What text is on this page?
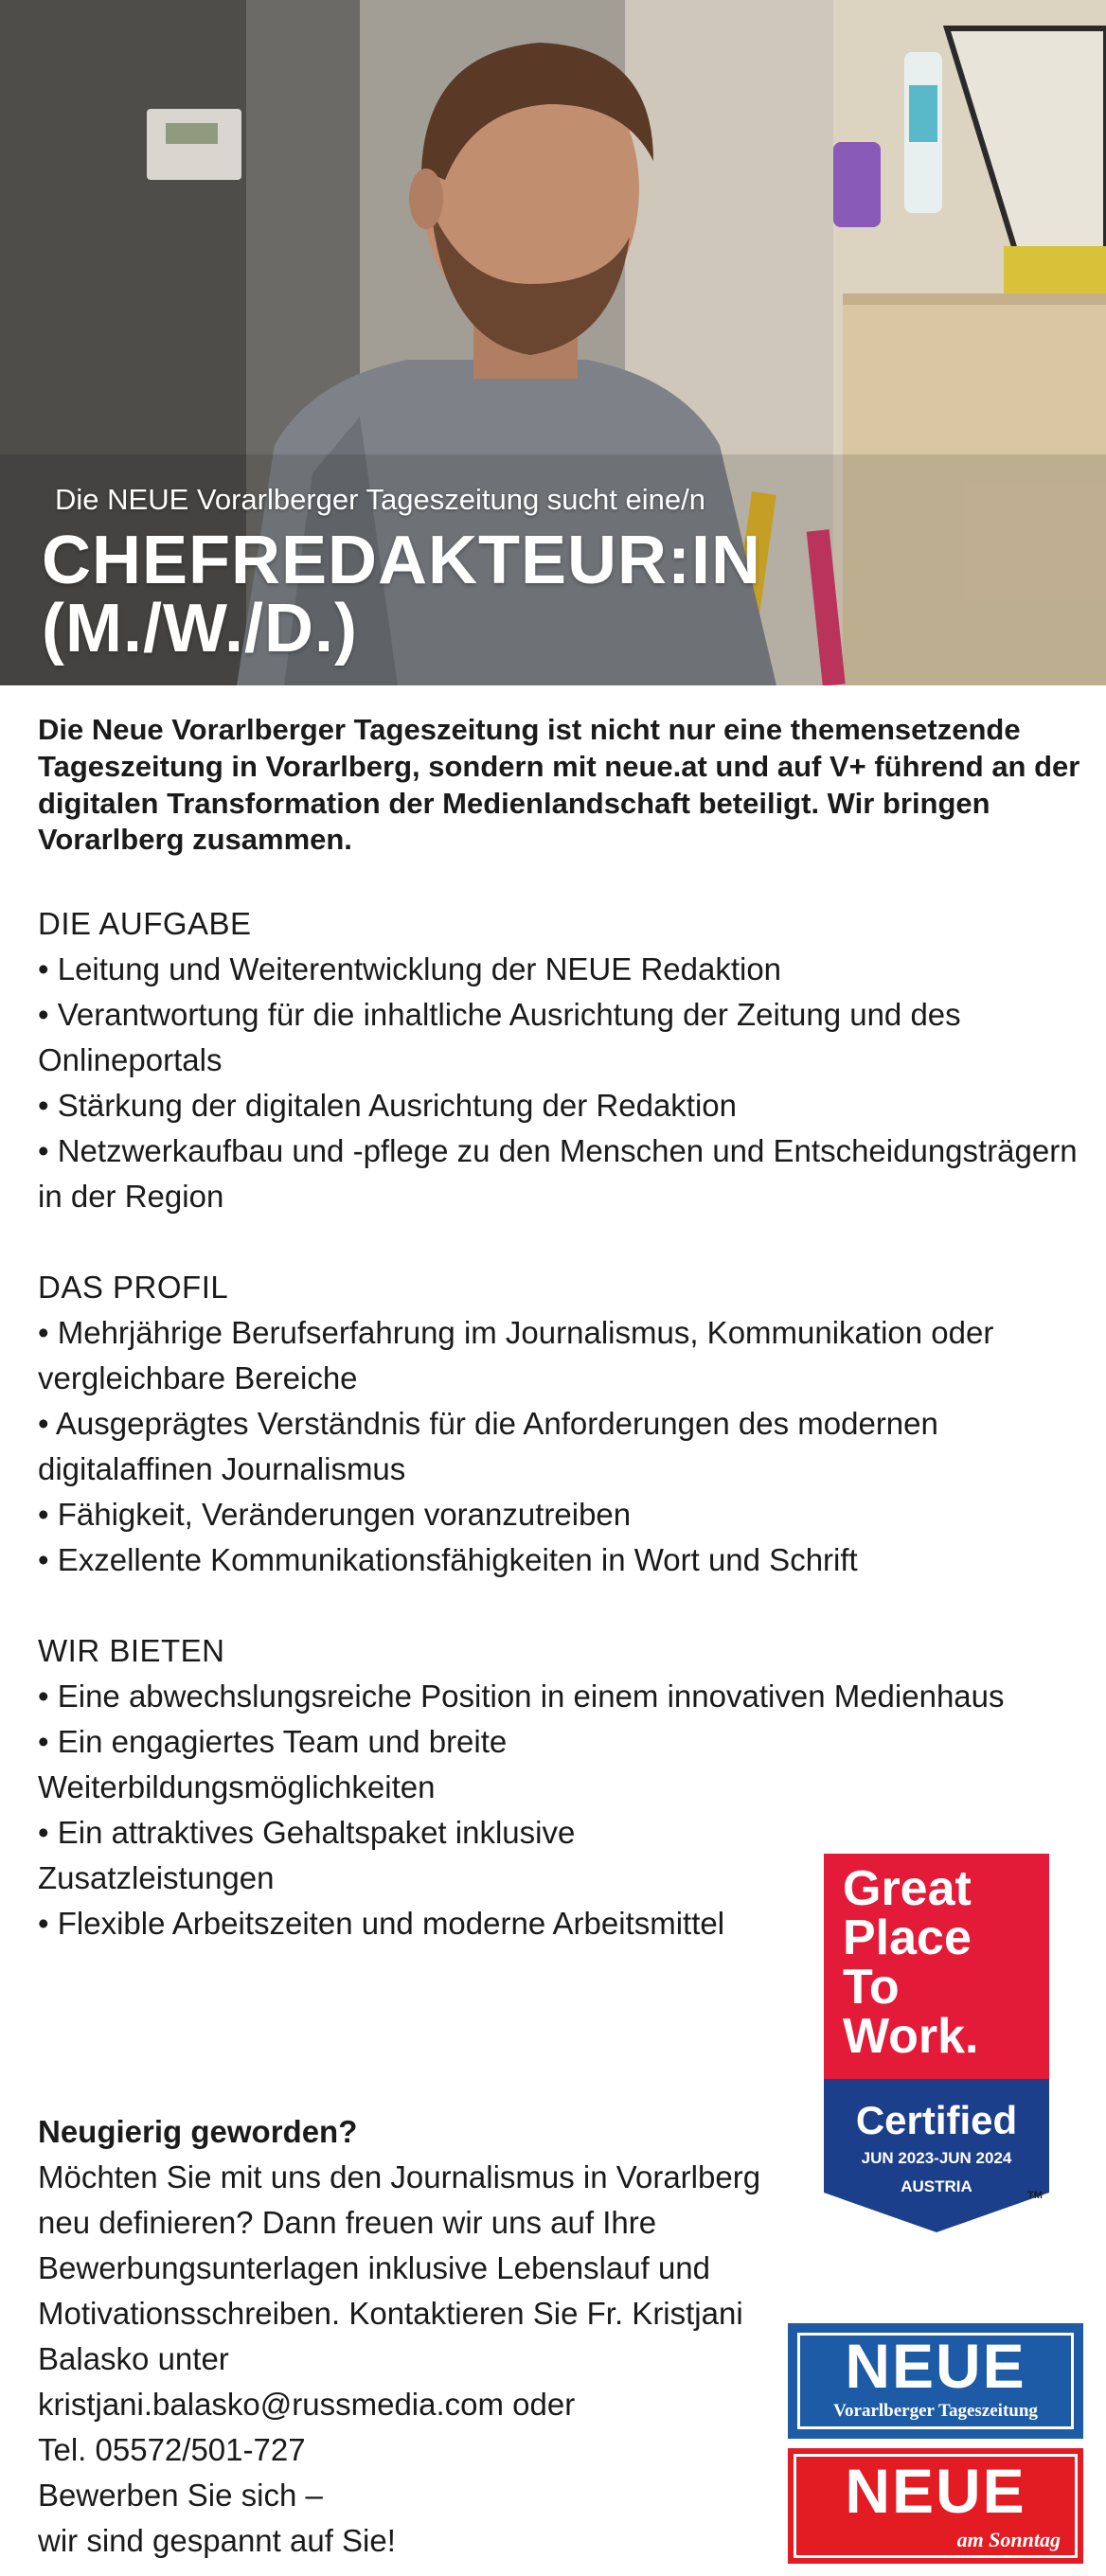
Die NEUE Vorarlberger Tageszeitung sucht eine/n
CHEFREDAKTEUR:IN
(M./W./D.)
Die Neue Vorarlberger Tageszeitung ist nicht nur eine themensetzende Tageszeitung in Vorarlberg, sondern mit neue.at und auf V+ führend an der digitalen Transformation der Medienlandschaft beteiligt. Wir bringen Vorarlberg zusammen.
DIE AUFGABE
• Leitung und Weiterentwicklung der NEUE Redaktion
• Verantwortung für die inhaltliche Ausrichtung der Zeitung und des Onlineportals
• Stärkung der digitalen Ausrichtung der Redaktion
• Netzwerkaufbau und -pflege zu den Menschen und Entscheidungsträgern in der Region
DAS PROFIL
• Mehrjährige Berufserfahrung im Journalismus, Kommunikation oder vergleichbare Bereiche
• Ausgeprägtes Verständnis für die Anforderungen des modernen digitalaffinen Journalismus
• Fähigkeit, Veränderungen voranzutreiben
• Exzellente Kommunikationsfähigkeiten in Wort und Schrift
WIR BIETEN
• Eine abwechslungsreiche Position in einem innovativen Medienhaus
• Ein engagiertes Team und breite Weiterbildungsmöglichkeiten
• Ein attraktives Gehaltspaket inklusive Zusatzleistungen
• Flexible Arbeitszeiten und moderne Arbeitsmittel
Neugierig geworden?

Möchten Sie mit uns den Journalismus in Vorarlberg neu definieren? Dann freuen wir uns auf Ihre Bewerbungsunterlagen inklusive Lebenslauf und Motivationsschreiben. Kontaktieren Sie Fr. Kristjani Balasko unter

kristjani.balasko@russmedia.com oder

Tel. 05572/501-727

Bewerben Sie sich –

wir sind gespannt auf Sie!

Great
Place
To
Work.
Certified
JUN 2023-JUN 2024
AUSTRIA	TM
NEUE
Vorarlberger Tageszeitung
NEUE
am Sonntag
